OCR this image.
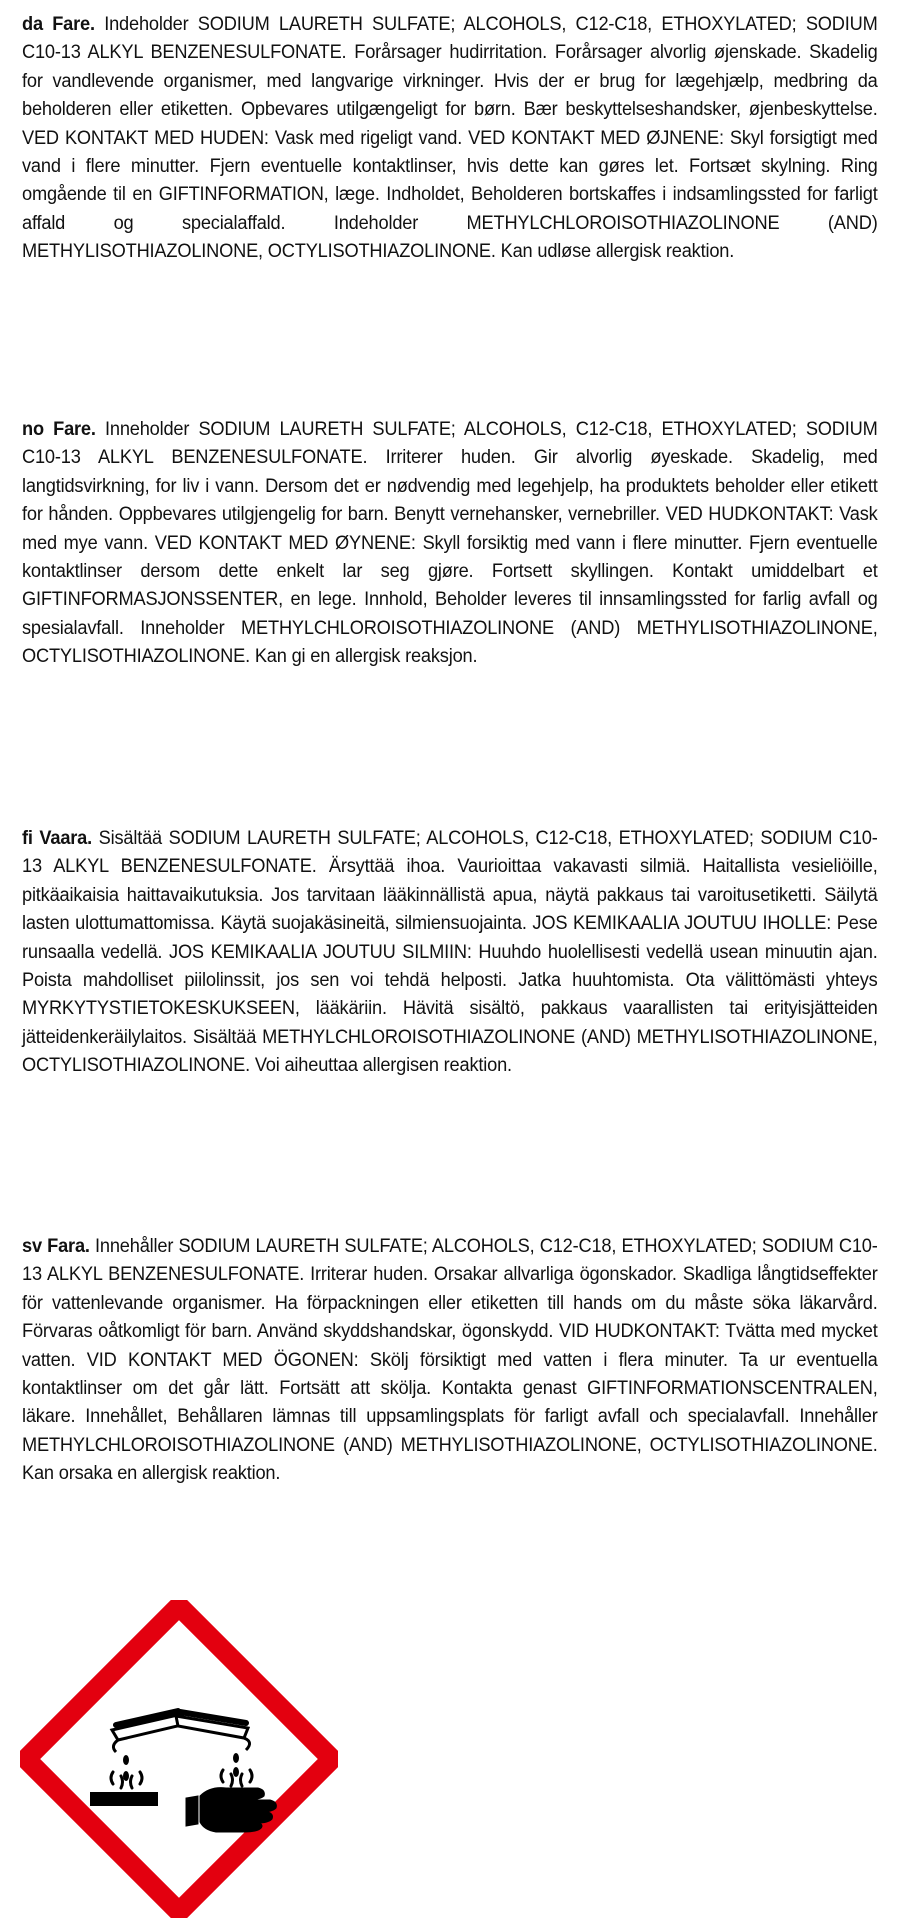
da Fare. Indeholder SODIUM LAURETH SULFATE; ALCOHOLS, C12-C18, ETHOXYLATED; SODIUM C10-13 ALKYL BENZENESULFONATE. Forårsager hudirritation. Forårsager alvorlig øjenskade. Skadelig for vandlevende organismer, med langvarige virkninger. Hvis der er brug for lægehjælp, medbring da beholderen eller etiketten. Opbevares utilgængeligt for børn. Bær beskyttelseshandsker, øjenbeskyttelse. VED KONTAKT MED HUDEN: Vask med rigeligt vand. VED KONTAKT MED ØJNENE: Skyl forsigtigt med vand i flere minutter. Fjern eventuelle kontaktlinser, hvis dette kan gøres let. Fortsæt skylning. Ring omgående til en GIFTINFORMATION, læge. Indholdet, Beholderen bortskaffes i indsamlingssted for farligt affald og specialaffald. Indeholder METHYLCHLOROISOTHIAZOLINONE (AND) METHYLISOTHIAZOLINONE, OCTYLISOTHIAZOLINONE. Kan udløse allergisk reaktion.

no Fare. Inneholder SODIUM LAURETH SULFATE; ALCOHOLS, C12-C18, ETHOXYLATED; SODIUM C10-13 ALKYL BENZENESULFONATE. Irriterer huden. Gir alvorlig øyeskade. Skadelig, med langtidsvirkning, for liv i vann. Dersom det er nødvendig med legehjelp, ha produktets beholder eller etikett for hånden. Oppbevares utilgjengelig for barn. Benytt vernehansker, vernebriller. VED HUDKONTAKT: Vask med mye vann. VED KONTAKT MED ØYNENE: Skyll forsiktig med vann i flere minutter. Fjern eventuelle kontaktlinser dersom dette enkelt lar seg gjøre. Fortsett skyllingen. Kontakt umiddelbart et GIFTINFORMASJONSSENTER, en lege. Innhold, Beholder leveres til innsamlingssted for farlig avfall og spesialavfall. Inneholder METHYLCHLOROISOTHIAZOLINONE (AND) METHYLISOTHIAZOLINONE, OCTYLISOTHIAZOLINONE. Kan gi en allergisk reaksjon.

fi Vaara. Sisältää SODIUM LAURETH SULFATE; ALCOHOLS, C12-C18, ETHOXYLATED; SODIUM C10-13 ALKYL BENZENESULFONATE. Ärsyttää ihoa. Vaurioittaa vakavasti silmiä. Haitallista vesieliöille, pitkäaikaisia haittavaikutuksia. Jos tarvitaan lääkinnällistä apua, näytä pakkaus tai varoitusetiketti. Säilytä lasten ulottumattomissa. Käytä suojakäsineitä, silmiensuojainta. JOS KEMIKAALIA JOUTUU IHOLLE: Pese runsaalla vedellä. JOS KEMIKAALIA JOUTUU SILMIIN: Huuhdo huolellisesti vedellä usean minuutin ajan. Poista mahdolliset piilolinssit, jos sen voi tehdä helposti. Jatka huuhtomista. Ota välittömästi yhteys MYRKYTYSTIETOKESKUKSEEN, lääkäriin. Hävitä sisältö, pakkaus vaarallisten tai erityisjätteiden jätteidenkeräilylaitos. Sisältää METHYLCHLOROISOTHIAZOLINONE (AND) METHYLISOTHIAZOLINONE, OCTYLISOTHIAZOLINONE. Voi aiheuttaa allergisen reaktion.

sv Fara. Innehåller SODIUM LAURETH SULFATE; ALCOHOLS, C12-C18, ETHOXYLATED; SODIUM C10-13 ALKYL BENZENESULFONATE. Irriterar huden. Orsakar allvarliga ögonskador. Skadliga långtidseffekter för vattenlevande organismer. Ha förpackningen eller etiketten till hands om du måste söka läkarvård. Förvaras oåtkomligt för barn. Använd skyddshandskar, ögonskydd. VID HUDKONTAKT: Tvätta med mycket vatten. VID KONTAKT MED ÖGONEN: Skölj försiktigt med vatten i flera minuter. Ta ur eventuella kontaktlinser om det går lätt. Fortsätt att skölja. Kontakta genast GIFTINFORMATIONSCENTRALEN, läkare. Innehållet, Behållaren lämnas till uppsamlingsplats för farligt avfall och specialavfall. Innehåller METHYLCHLOROISOTHIAZOLINONE (AND) METHYLISOTHIAZOLINONE, OCTYLISOTHIAZOLINONE. Kan orsaka en allergisk reaktion.
